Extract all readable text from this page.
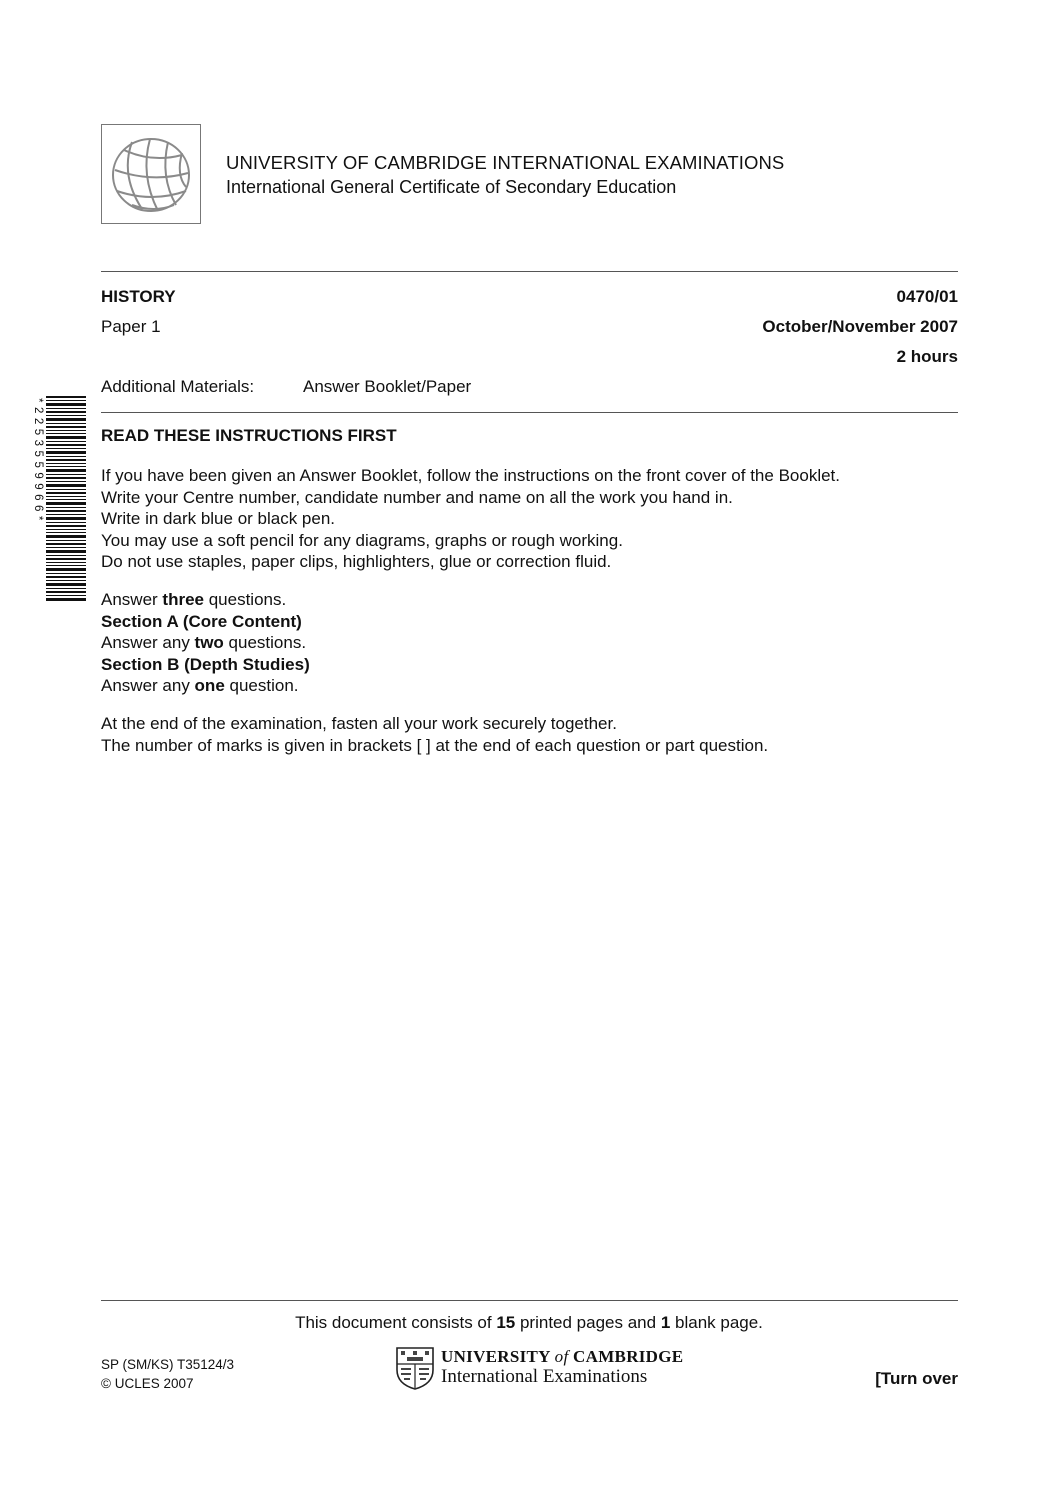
UNIVERSITY OF CAMBRIDGE INTERNATIONAL EXAMINATIONS
International General Certificate of Secondary Education
HISTORY	0470/01
Paper 1	October/November 2007
2 hours
Additional Materials:	Answer Booklet/Paper
*2253559966*	READ THESE INSTRUCTIONS FIRST

If you have been given an Answer Booklet, follow the instructions on the front cover of the Booklet.

Write your Centre number, candidate number and name on all the work you hand in.

Write in dark blue or black pen.

You may use a soft pencil for any diagrams, graphs or rough working.

Do not use staples, paper clips, highlighters, glue or correction fluid.

Answer three questions.

Section A (Core Content)

Answer any two questions.

Section B (Depth Studies)

Answer any one question.

At the end of the examination, fasten all your work securely together.

The number of marks is given in brackets [ ] at the end of each question or part question.

This document consists of 15 printed pages and 1 blank page.
SP (SM/KS) T35124/3
© UCLES 2007
UNIVERSITY of CAMBRIDGE
International Examinations	[Turn over
